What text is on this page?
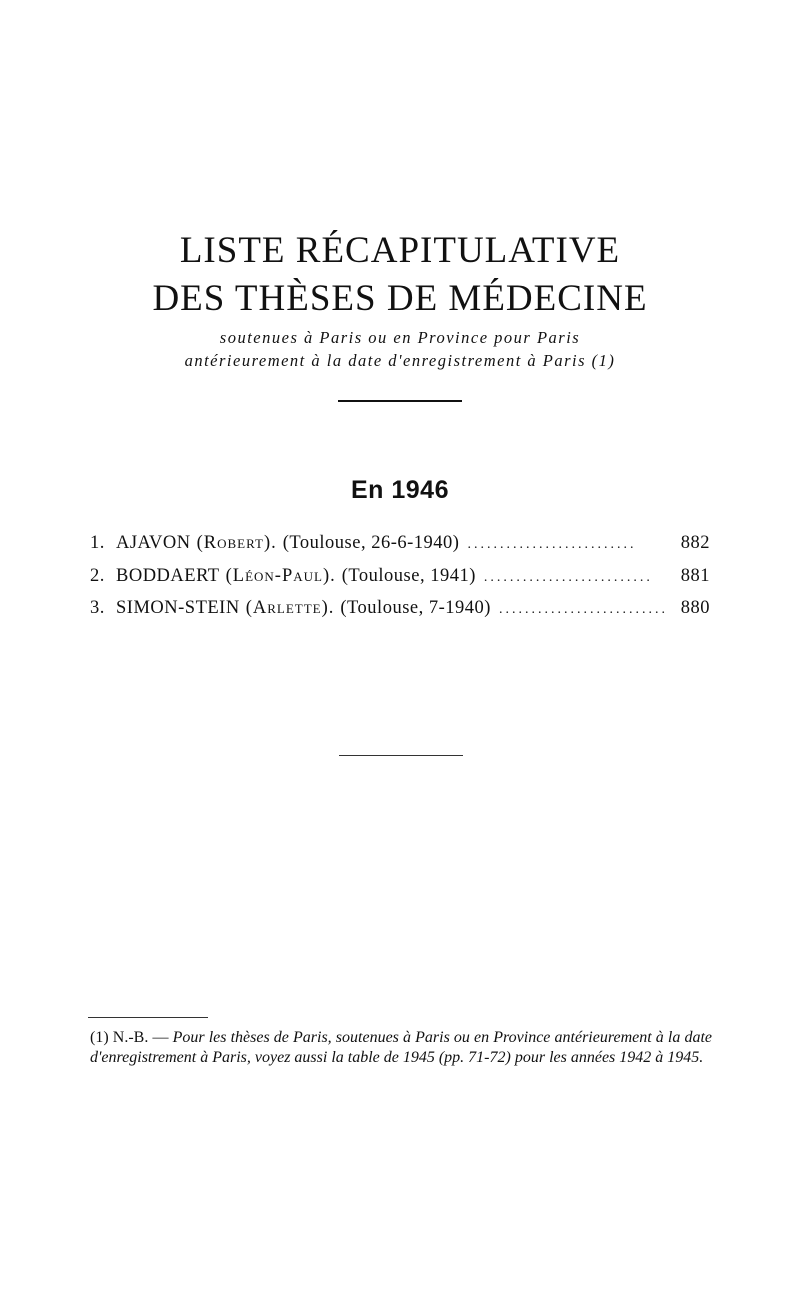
LISTE RÉCAPITULATIVE
DES THÈSES DE MÉDECINE
soutenues à Paris ou en Province pour Paris
antérieurement à la date d'enregistrement à Paris (1)
En 1946
1. AJAVON (Robert). (Toulouse, 26-6-1940) ..........................	882
2. BODDAERT (Léon-Paul). (Toulouse, 1941) ..........................	881
3. SIMON-STEIN (Arlette). (Toulouse, 7-1940) .......................... 880
(1) N.-B. — Pour les thèses de Paris, soutenues à Paris ou en Province antérieurement à la date d'enregistrement à Paris, voyez aussi la table de 1945 (pp. 71-72) pour les années 1942 à 1945.
